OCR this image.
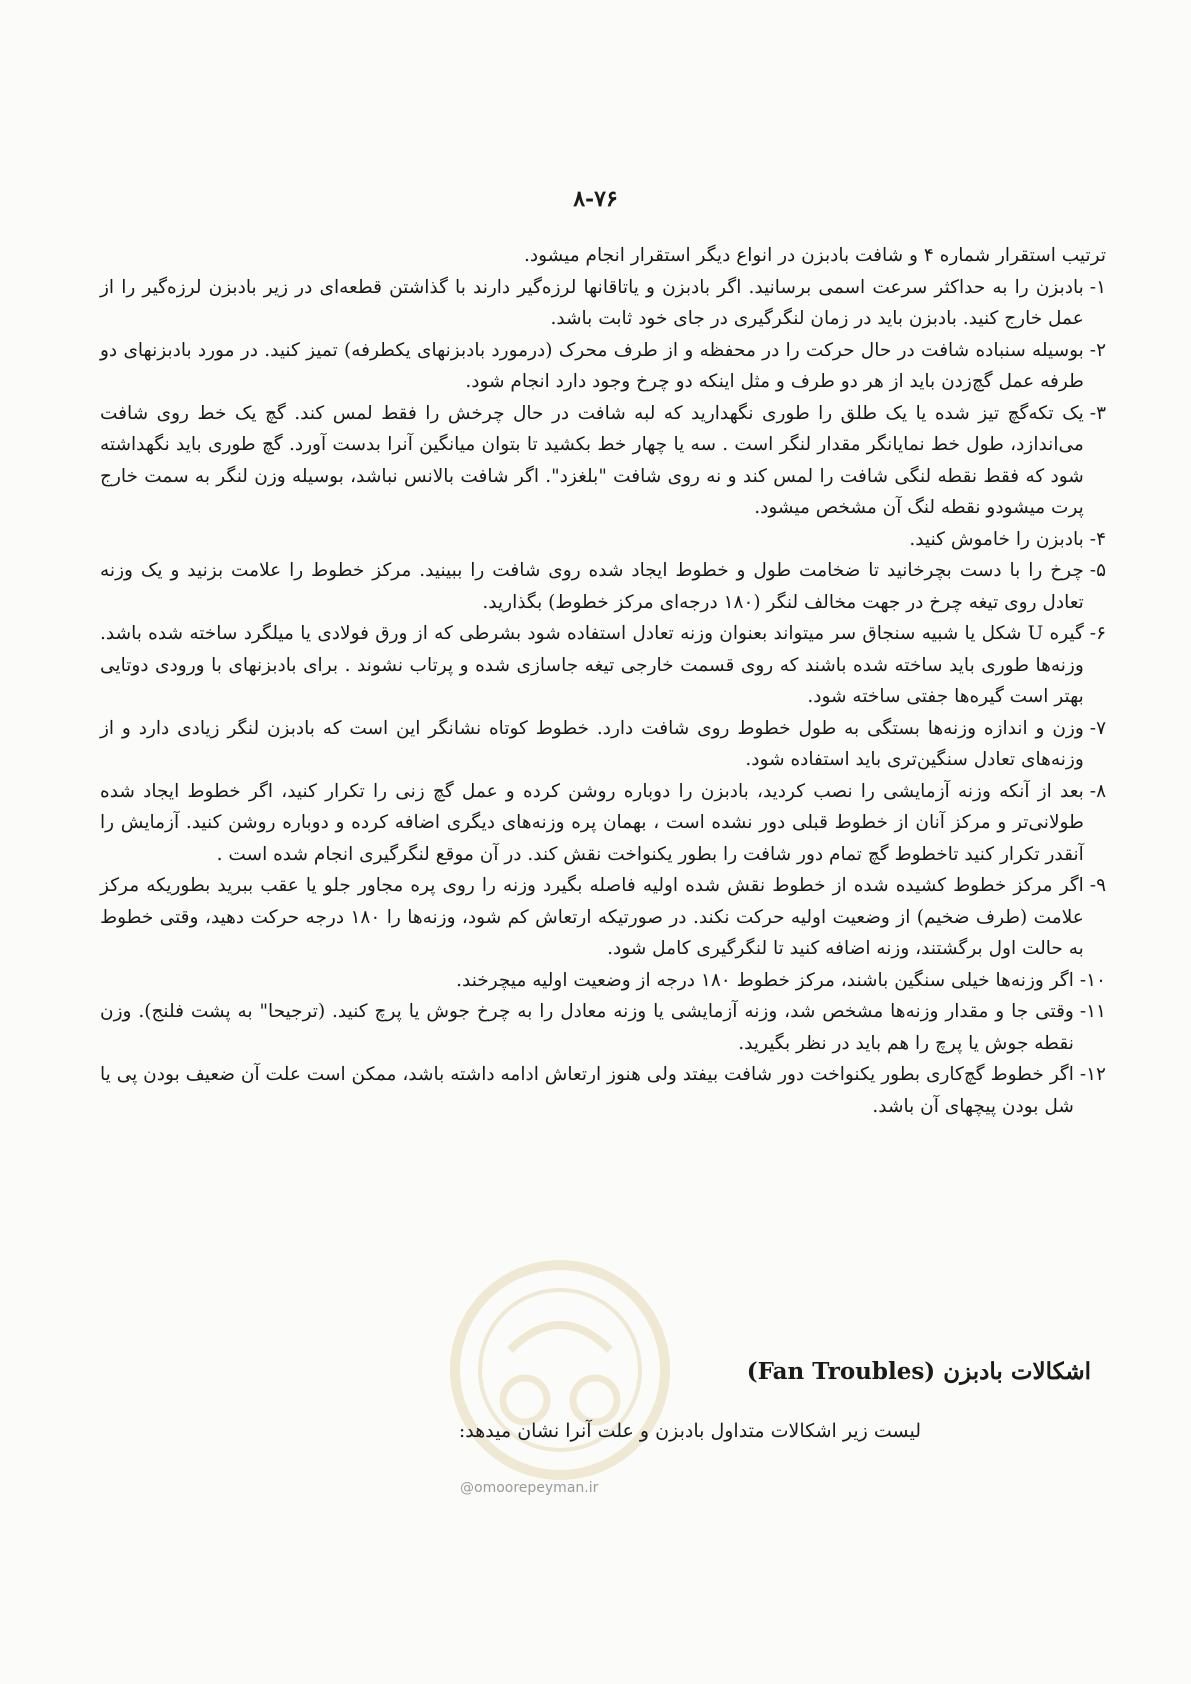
۸-۷۶

ترتیب استقرار شماره ۴ و شافت بادبزن در انواع دیگر استقرار انجام میشود.

۱-
بادبزن را به حداکثر سرعت اسمی برسانید. اگر بادبزن و یاتاقانها لرزه‌گیر دارند با گذاشتن قطعه‌ای در زیر بادبزن لرزه‌گیر را از عمل خارج کنید. بادبزن باید در زمان لنگرگیری در جای خود ثابت باشد.
۲-
بوسیله سنباده شافت در حال حرکت را در محفظه و از طرف محرک (درمورد بادبزنهای یکطرفه) تمیز کنید. در مورد بادبزنهای دو طرفه عمل گچ‌زدن باید از هر دو طرف و مثل اینکه دو چرخ وجود دارد انجام شود.
۳-
یک تکه‌گچ تیز شده یا یک طلق را طوری نگهدارید که لبه شافت در حال چرخش را فقط لمس کند. گچ یک خط روی شافت می‌اندازد، طول خط نمایانگر مقدار لنگر است . سه یا چهار خط بکشید تا بتوان میانگین آنرا بدست آورد. گچ طوری باید نگهداشته شود که فقط نقطه لنگی شافت را لمس کند و نه روی شافت "بلغزد". اگر شافت بالانس نباشد، بوسیله وزن لنگر به سمت خارج پرت میشودو نقطه لنگ آن مشخص میشود.
۴-
بادبزن را خاموش کنید.
۵-
چرخ را با دست بچرخانید تا ضخامت طول و خطوط ایجاد شده روی شافت را ببینید. مرکز خطوط را علامت بزنید و یک وزنه تعادل روی تیغه چرخ در جهت مخالف لنگر (۱۸۰ درجه‌ای مرکز خطوط) بگذارید.
۶-
گیره U شکل یا شبیه سنجاق سر میتواند بعنوان وزنه تعادل استفاده شود بشرطی که از ورق فولادی یا میلگرد ساخته شده باشد. وزنه‌ها طوری باید ساخته شده باشند که روی قسمت خارجی تیغه جاسازی شده و پرتاب نشوند . برای بادبزنهای با ورودی دوتایی بهتر است گیره‌ها جفتی ساخته شود.
۷-
وزن و اندازه وزنه‌ها بستگی به طول خطوط روی شافت دارد. خطوط کوتاه نشانگر این است که بادبزن لنگر زیادی دارد و از وزنه‌های تعادل سنگین‌تری باید استفاده شود.
۸-
بعد از آنکه وزنه آزمایشی را نصب کردید، بادبزن را دوباره روشن کرده و عمل گچ زنی را تکرار کنید، اگر خطوط ایجاد شده طولانی‌تر و مرکز آنان از خطوط قبلی دور نشده است ، بهمان پره وزنه‌های دیگری اضافه کرده و دوباره روشن کنید. آزمایش را آنقدر تکرار کنید تاخطوط گچ تمام دور شافت را بطور یکنواخت نقش کند. در آن موقع لنگرگیری انجام شده است .
۹-
اگر مرکز خطوط کشیده شده از خطوط نقش شده اولیه فاصله بگیرد وزنه را روی پره مجاور جلو یا عقب ببرید بطوریکه مرکز علامت (طرف ضخیم) از وضعیت اولیه حرکت نکند. در صورتیکه ارتعاش کم شود، وزنه‌ها را ۱۸۰ درجه حرکت دهید، وقتی خطوط به حالت اول برگشتند، وزنه اضافه کنید تا لنگرگیری کامل شود.
۱۰-
اگر وزنه‌ها خیلی سنگین باشند، مرکز خطوط ۱۸۰ درجه از وضعیت اولیه میچرخند.
۱۱-
وقتی جا و مقدار وزنه‌ها مشخص شد، وزنه آزمایشی یا وزنه معادل را به چرخ جوش یا پرچ کنید. (ترجیحا" به پشت فلنج). وزن نقطه جوش یا پرچ را هم باید در نظر بگیرید.
۱۲-
اگر خطوط گچ‌کاری بطور یکنواخت دور شافت بیفتد ولی هنوز ارتعاش ادامه داشته باشد، ممکن است علت آن ضعیف بودن پی یا شل بودن پیچهای آن باشد.
@omoorepeyman.ir
اشکالات بادبزن (Fan Troubles)

لیست زیر اشکالات متداول بادبزن و علت آنرا نشان میدهد:
